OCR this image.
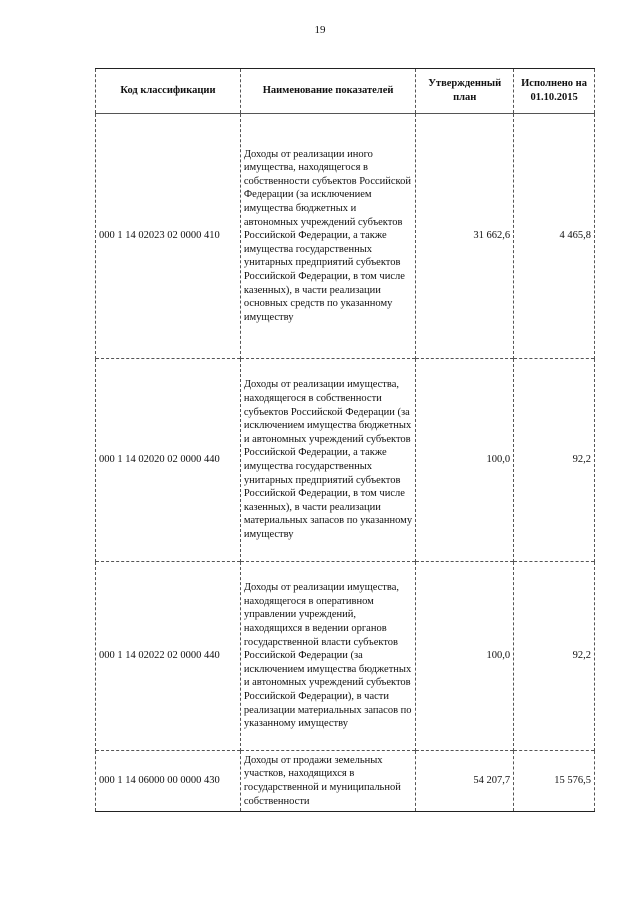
19
Код классификации	Наименование показателей	Утвержденный план	Исполнено на 01.10.2015
000 1 14 02023 02 0000 410	Доходы от реализации иного имущества, находящегося в собственности субъектов Российской Федерации (за исключением имущества бюджетных и автономных учреждений субъектов Российской Федерации, а также имущества государственных унитарных предприятий субъектов Российской Федерации, в том числе казенных), в части реализации основных средств по указанному имуществу	31 662,6	4 465,8
000 1 14 02020 02 0000 440	Доходы от реализации имущества, находящегося в собственности субъектов Российской Федерации (за исключением имущества бюджетных и автономных учреждений субъектов Российской Федерации, а также имущества государственных унитарных предприятий субъектов Российской Федерации, в том числе казенных), в части реализации материальных запасов по указанному имуществу	100,0	92,2
000 1 14 02022 02 0000 440	Доходы от реализации имущества, находящегося в оперативном управлении учреждений, находящихся в ведении органов государственной власти субъектов Российской Федерации (за исключением имущества бюджетных и автономных учреждений субъектов Российской Федерации), в части реализации материальных запасов по указанному имуществу	100,0	92,2
000 1 14 06000 00 0000 430	Доходы от продажи земельных участков, находящихся в государственной и муниципальной собственности	54 207,7	15 576,5
